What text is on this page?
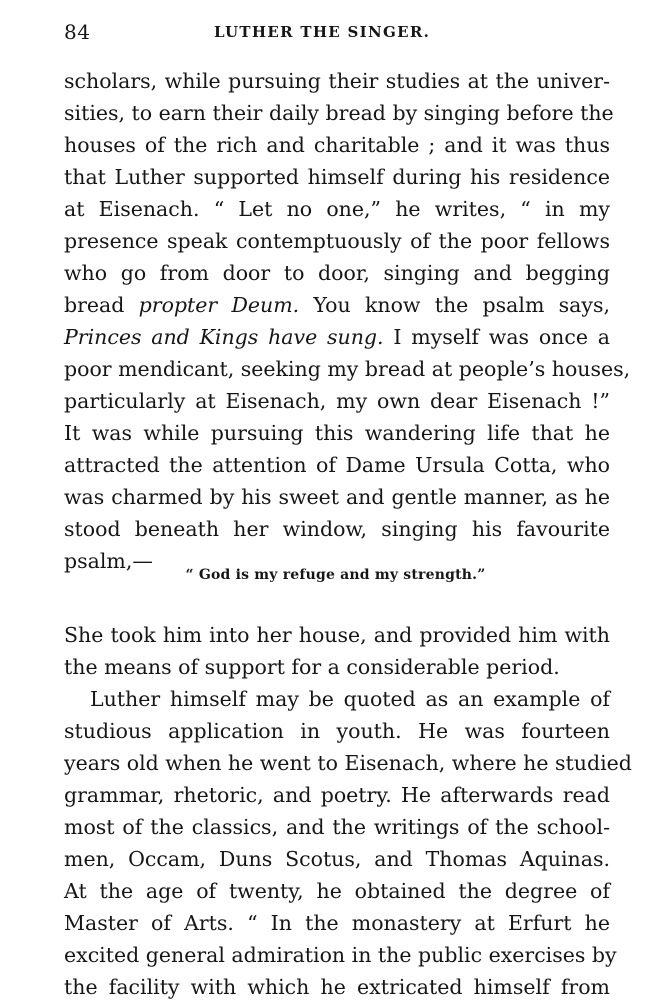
84	LUTHER THE SINGER.
scholars, while pursuing their studies at the univer-
sities, to earn their daily bread by singing before the
houses of the rich and charitable ; and it was thus
that Luther supported himself during his residence
at Eisenach. “ Let no one,” he writes, “ in my
presence speak contemptuously of the poor fellows
who go from door to door, singing and begging
bread propter Deum. You know the psalm says,
Princes and Kings have sung. I myself was once a
poor mendicant, seeking my bread at people’s houses,
particularly at Eisenach, my own dear Eisenach !”
It was while pursuing this wandering life that he
attracted the attention of Dame Ursula Cotta, who
was charmed by his sweet and gentle manner, as he
stood beneath her window, singing his favourite
psalm,—
“ God is my refuge and my strength.”
She took him into her house, and provided him with
the means of support for a considerable period.
Luther himself may be quoted as an example of
studious application in youth. He was fourteen
years old when he went to Eisenach, where he studied
grammar, rhetoric, and poetry. He afterwards read
most of the classics, and the writings of the school-
men, Occam, Duns Scotus, and Thomas Aquinas.
At the age of twenty, he obtained the degree of
Master of Arts. “ In the monastery at Erfurt he
excited general admiration in the public exercises by
the facility with which he extricated himself from
